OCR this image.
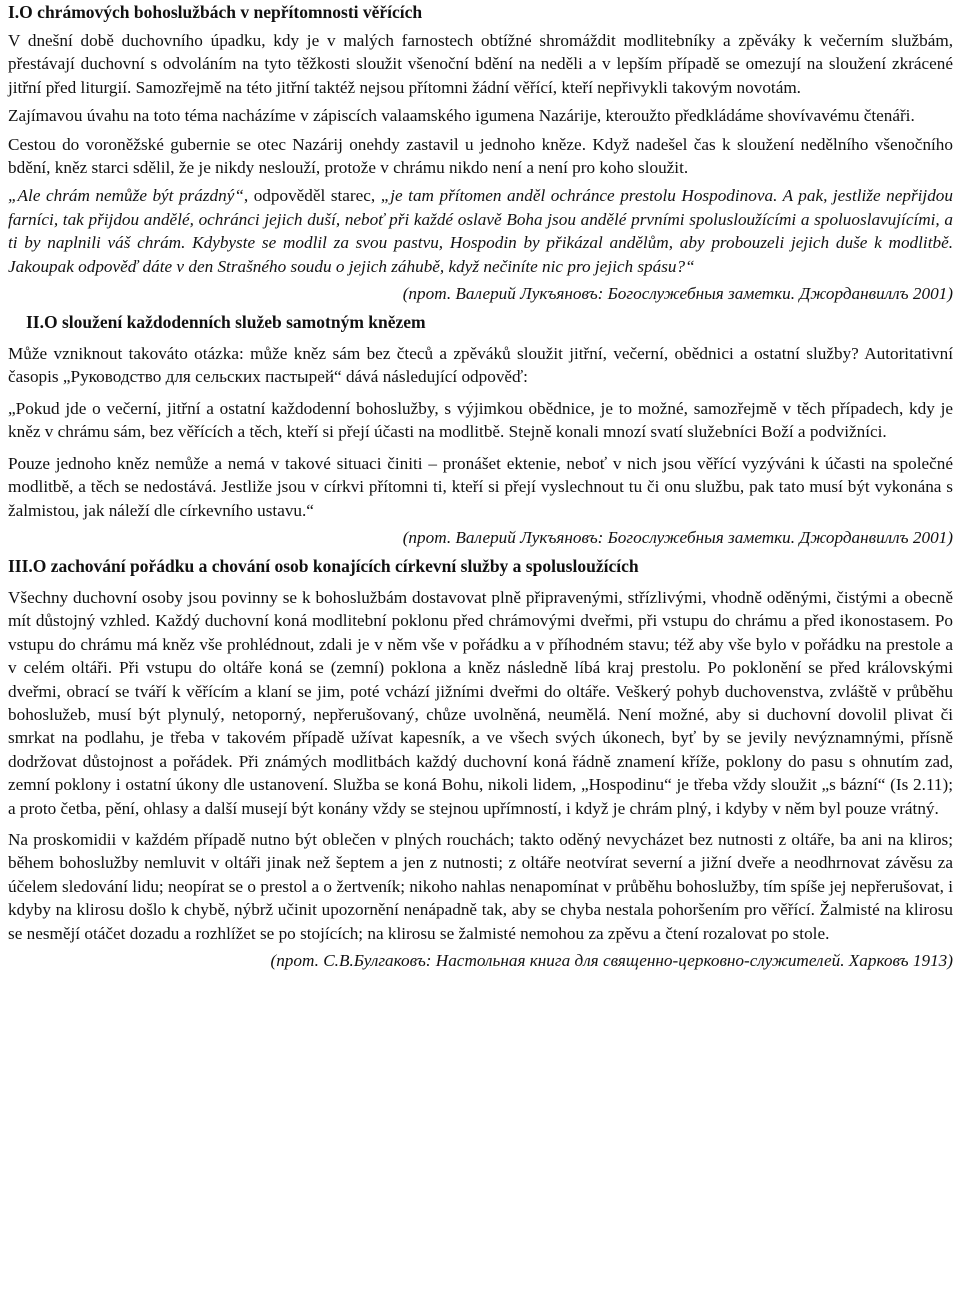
I.O chrámových bohoslužbách v nepřítomnosti věřících

V dnešní době duchovního úpadku, kdy je v malých farnostech obtížné shromáždit modlitebníky a zpěváky k večerním službám, přestávají duchovní s odvoláním na tyto těžkosti sloužit všenoční bdění na neděli a v lepším případě se omezují na sloužení zkrácené jitřní před liturgií. Samozřejmě na této jitřní taktéž nejsou přítomni žádní věřící, kteří nepřivykli takovým novotám.

Zajímavou úvahu na toto téma nacházíme v zápiscích valaamského igumena Nazárije, kteroužto předkládáme shovívavému čtenáři.

Cestou do voroněžské gubernie se otec Nazárij onehdy zastavil u jednoho kněze. Když nadešel čas k sloužení nedělního všenočního bdění, kněz starci sdělil, že je nikdy neslouží, protože v chrámu nikdo není a není pro koho sloužit.

„Ale chrám nemůže být prázdný“, odpověděl starec, „je tam přítomen anděl ochránce prestolu Hospodinova. A pak, jestliže nepřijdou farníci, tak přijdou andělé, ochránci jejich duší, neboť při každé oslavě Boha jsou andělé prvními spolusloužícími a spoluoslavujícími, a ti by naplnili váš chrám. Kdybyste se modlil za svou pastvu, Hospodin by přikázal andělům, aby probouzeli jejich duše k modlitbě. Jakoupak odpověď dáte v den Strašného soudu o jejich záhubě, když nečiníte nic pro jejich spásu?“

(прот. Валерий Лукъяновъ: Богослужебныя заметки. Джорданвиллъ 2001)

II.O sloužení každodenních služeb samotným knězem

Může vzniknout takováto otázka: může kněz sám bez čteců a zpěváků sloužit jitřní, večerní, obědnici a ostatní služby? Autoritativní časopis „Руководство для сельских пастырей“ dává následující odpověď:

„Pokud jde o večerní, jitřní a ostatní každodenní bohoslužby, s výjimkou obědnice, je to možné, samozřejmě v těch případech, kdy je kněz v chrámu sám, bez věřících a těch, kteří si přejí účasti na modlitbě. Stejně konali mnozí svatí služebníci Boží a podvižníci.

Pouze jednoho kněz nemůže a nemá v takové situaci činiti – pronášet ektenie, neboť v nich jsou věřící vyzýváni k účasti na společné modlitbě, a těch se nedostává. Jestliže jsou v církvi přítomni ti, kteří si přejí vyslechnout tu či onu službu, pak tato musí být vykonána s žalmistou, jak náleží dle církevního ustavu.“

(прот. Валерий Лукъяновъ: Богослужебныя заметки. Джорданвиллъ 2001)

III.O zachování pořádku a chování osob konajících církevní služby a spolusloužících

Všechny duchovní osoby jsou povinny se k bohoslužbám dostavovat plně připravenými, střízlivými, vhodně oděnými, čistými a obecně mít důstojný vzhled. Každý duchovní koná modlitební poklonu před chrámovými dveřmi, při vstupu do chrámu a před ikonostasem. Po vstupu do chrámu má kněz vše prohlédnout, zdali je v něm vše v pořádku a v příhodném stavu; též aby vše bylo v pořádku na prestole a v celém oltáři. Při vstupu do oltáře koná se (zemní) poklona a kněz následně líbá kraj prestolu. Po poklonění se před královskými dveřmi, obrací se tváří k věřícím a klaní se jim, poté vchází jižními dveřmi do oltáře. Veškerý pohyb duchovenstva, zvláště v průběhu bohoslužeb, musí být plynulý, netoporný, nepřerušovaný, chůze uvolněná, neumělá. Není možné, aby si duchovní dovolil plivat či smrkat na podlahu, je třeba v takovém případě užívat kapesník, a ve všech svých úkonech, byť by se jevily nevýznamnými, přísně dodržovat důstojnost a pořádek. Při známých modlitbách každý duchovní koná řádně znamení kříže, poklony do pasu s ohnutím zad, zemní poklony i ostatní úkony dle ustanovení. Služba se koná Bohu, nikoli lidem, „Hospodinu“ je třeba vždy sloužit „s bázní“ (Is 2.11); a proto četba, pění, ohlasy a další musejí být konány vždy se stejnou upřímností, i když je chrám plný, i kdyby v něm byl pouze vrátný.

Na proskomidii v každém případě nutno být oblečen v plných rouchách; takto oděný nevycházet bez nutnosti z oltáře, ba ani na kliros; během bohoslužby nemluvit v oltáři jinak než šeptem a jen z nutnosti; z oltáře neotvírat severní a jižní dveře a neodhrnovat závěsu za účelem sledování lidu; neopírat se o prestol a o žertveník; nikoho nahlas nenapomínat v průběhu bohoslužby, tím spíše jej nepřerušovat, i kdyby na klirosu došlo k chybě, nýbrž učinit upozornění nenápadně tak, aby se chyba nestala pohoršením pro věřící. Žalmisté na klirosu se nesmějí otáčet dozadu a rozhlížet se po stojících; na klirosu se žalmisté nemohou za zpěvu a čtení rozalovat po stole.

(прот. С.В.Булгаковъ: Настольная книга для священно-церковно-служителей. Харковъ 1913)
